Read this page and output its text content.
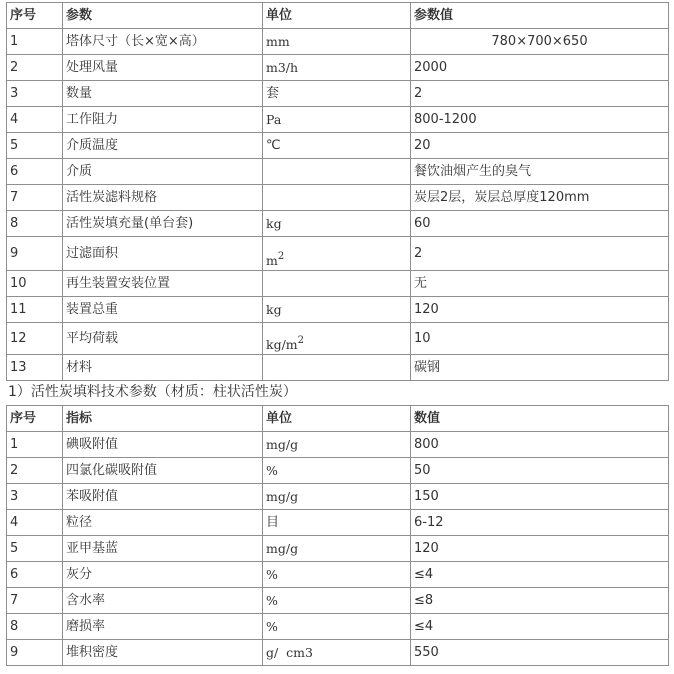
序号	参数	单位	参数值
1	塔体尺寸（长×宽×高）	mm	780×700×650
2	处理风量	m3/h	2000
3	数量	套	2
4	工作阻力	Pa	800-1200
5	介质温度	℃	20
6	介质		餐饮油烟产生的臭气
7	活性炭滤料规格		炭层2层，炭层总厚度120mm
8	活性炭填充量(单台套)	kg	60
9	过滤面积	$m^2$	2
10	再生装置安装位置		无
11	装置总重	kg	120
12	平均荷载	$kg/m^2$	10
13	材料		碳钢
1）活性炭填料技术参数（材质：柱状活性炭）
序号	指标	单位	数值
1	碘吸附值	mg/g	800
2	四氯化碳吸附值	%	50
3	苯吸附值	mg/g	150
4	粒径	目	6-12
5	亚甲基蓝	mg/g	120
6	灰分	%	≤4
7	含水率	%	≤8
8	磨损率	%	≤4
9	堆积密度	g/  cm3	550
